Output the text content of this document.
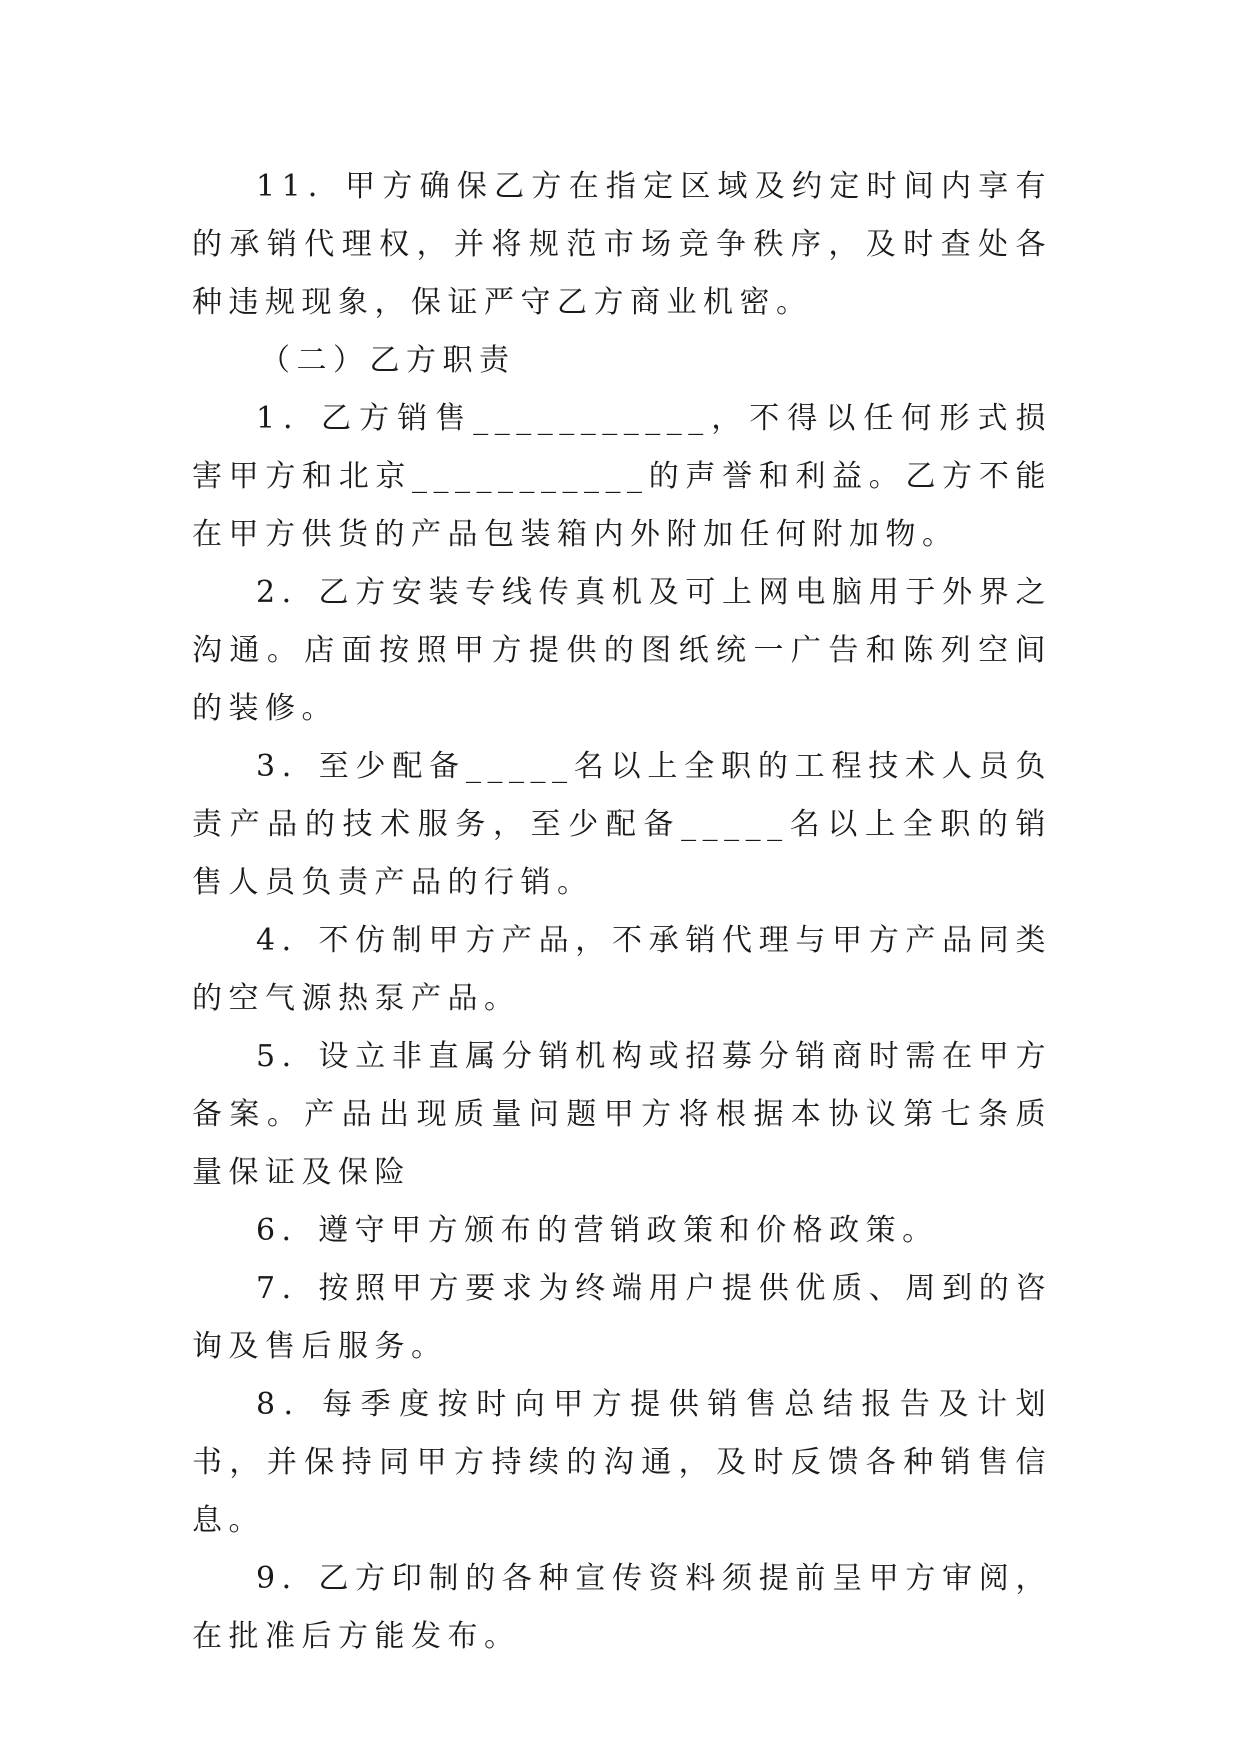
11．甲方确保乙方在指定区域及约定时间内享有的承销代理权，并将规范市场竞争秩序，及时查处各种违规现象，保证严守乙方商业机密。

（二）乙方职责

1．乙方销售___________，不得以任何形式损害甲方和北京___________的声誉和利益。乙方不能在甲方供货的产品包装箱内外附加任何附加物。

2．乙方安装专线传真机及可上网电脑用于外界之沟通。店面按照甲方提供的图纸统一广告和陈列空间的装修。

3．至少配备_____名以上全职的工程技术人员负责产品的技术服务，至少配备_____名以上全职的销售人员负责产品的行销。

4．不仿制甲方产品，不承销代理与甲方产品同类的空气源热泵产品。

5．设立非直属分销机构或招募分销商时需在甲方备案。产品出现质量问题甲方将根据本协议第七条质量保证及保险

6．遵守甲方颁布的营销政策和价格政策。

7．按照甲方要求为终端用户提供优质、周到的咨询及售后服务。

8．每季度按时向甲方提供销售总结报告及计划书，并保持同甲方持续的沟通，及时反馈各种销售信息。

9．乙方印制的各种宣传资料须提前呈甲方审阅，在批准后方能发布。
